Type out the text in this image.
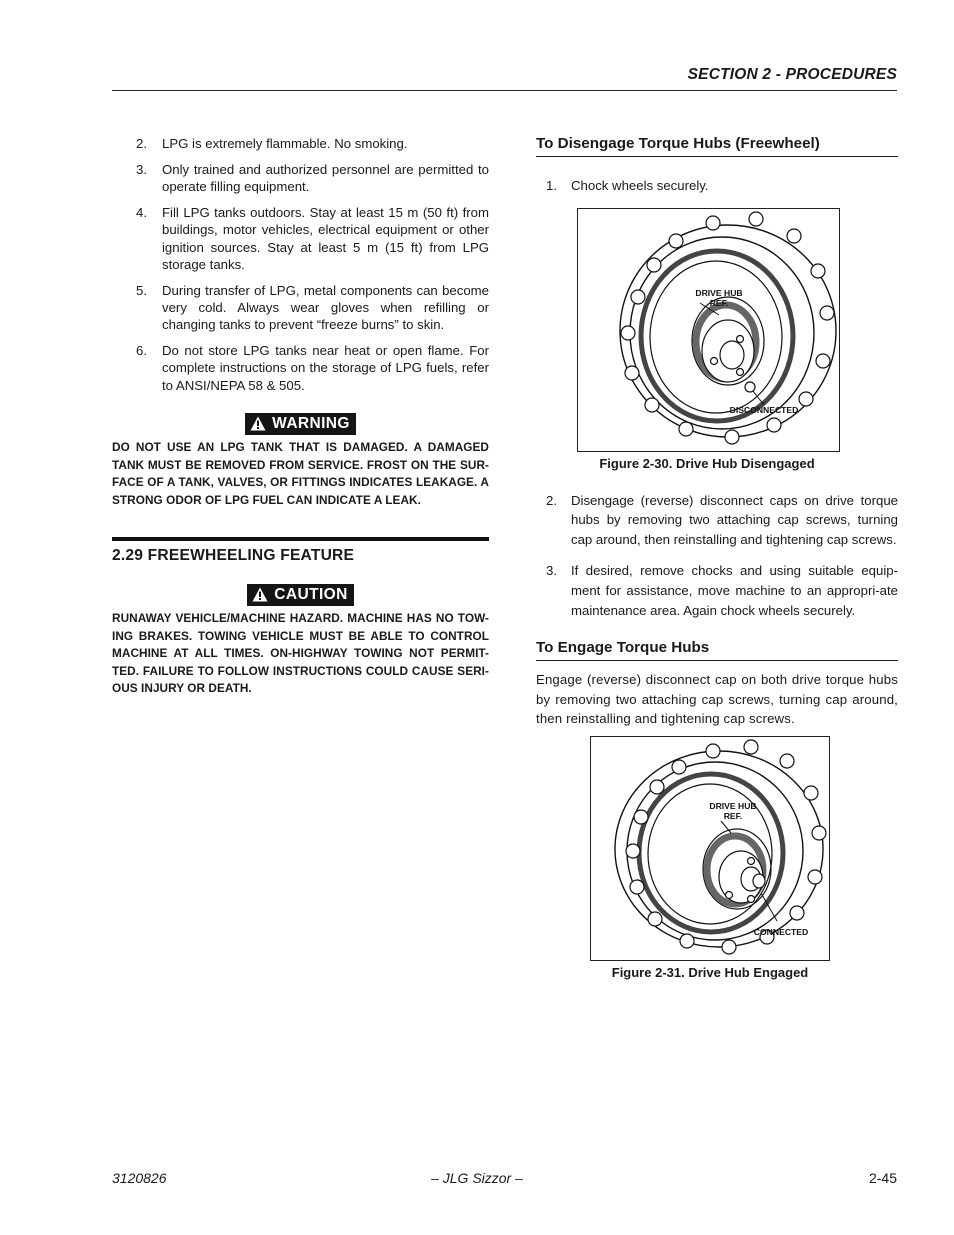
SECTION 2 - PROCEDURES
2.	LPG is extremely flammable. No smoking.
3.	Only trained and authorized personnel are permitted to operate filling equipment.
4.	Fill LPG tanks outdoors. Stay at least 15 m (50 ft) from buildings, motor vehicles, electrical equipment or other ignition sources. Stay at least 5 m (15 ft) from LPG storage tanks.
5.	During transfer of LPG, metal components can become very cold. Always wear gloves when refilling or changing tanks to prevent “freeze burns” to skin.
6.	Do not store LPG tanks near heat or open flame. For complete instructions on the storage of LPG fuels, refer to ANSI/NEPA 58 & 505.
WARNING

DO NOT USE AN LPG TANK THAT IS DAMAGED. A DAMAGED TANK MUST BE REMOVED FROM SERVICE. FROST ON THE SUR-FACE OF A TANK, VALVES, OR FITTINGS INDICATES LEAKAGE. A STRONG ODOR OF LPG FUEL CAN INDICATE A LEAK.

2.29 FREEWHEELING FEATURE
CAUTION

RUNAWAY VEHICLE/MACHINE HAZARD. MACHINE HAS NO TOW-ING BRAKES. TOWING VEHICLE MUST BE ABLE TO CONTROL MACHINE AT ALL TIMES. ON-HIGHWAY TOWING NOT PERMIT-TED. FAILURE TO FOLLOW INSTRUCTIONS COULD CAUSE SERI-OUS INJURY OR DEATH.

To Disengage Torque Hubs (Freewheel)
1.	Chock wheels securely.
DRIVE HUB
REF.
DISCONNECTED

Figure 2-30. Drive Hub Disengaged

2.	Disengage (reverse) disconnect caps on drive torque hubs by removing two attaching cap screws, turning cap around, then reinstalling and tightening cap screws.
3.	If desired, remove chocks and using suitable equip-ment for assistance, move machine to an appropri-ate maintenance area. Again chock wheels securely.
To Engage Torque Hubs

Engage (reverse) disconnect cap on both drive torque hubs by removing two attaching cap screws, turning cap around, then reinstalling and tightening cap screws.

DRIVE HUB
REF.
CONNECTED

Figure 2-31. Drive Hub Engaged

3120826	– JLG Sizzor –	2-45
